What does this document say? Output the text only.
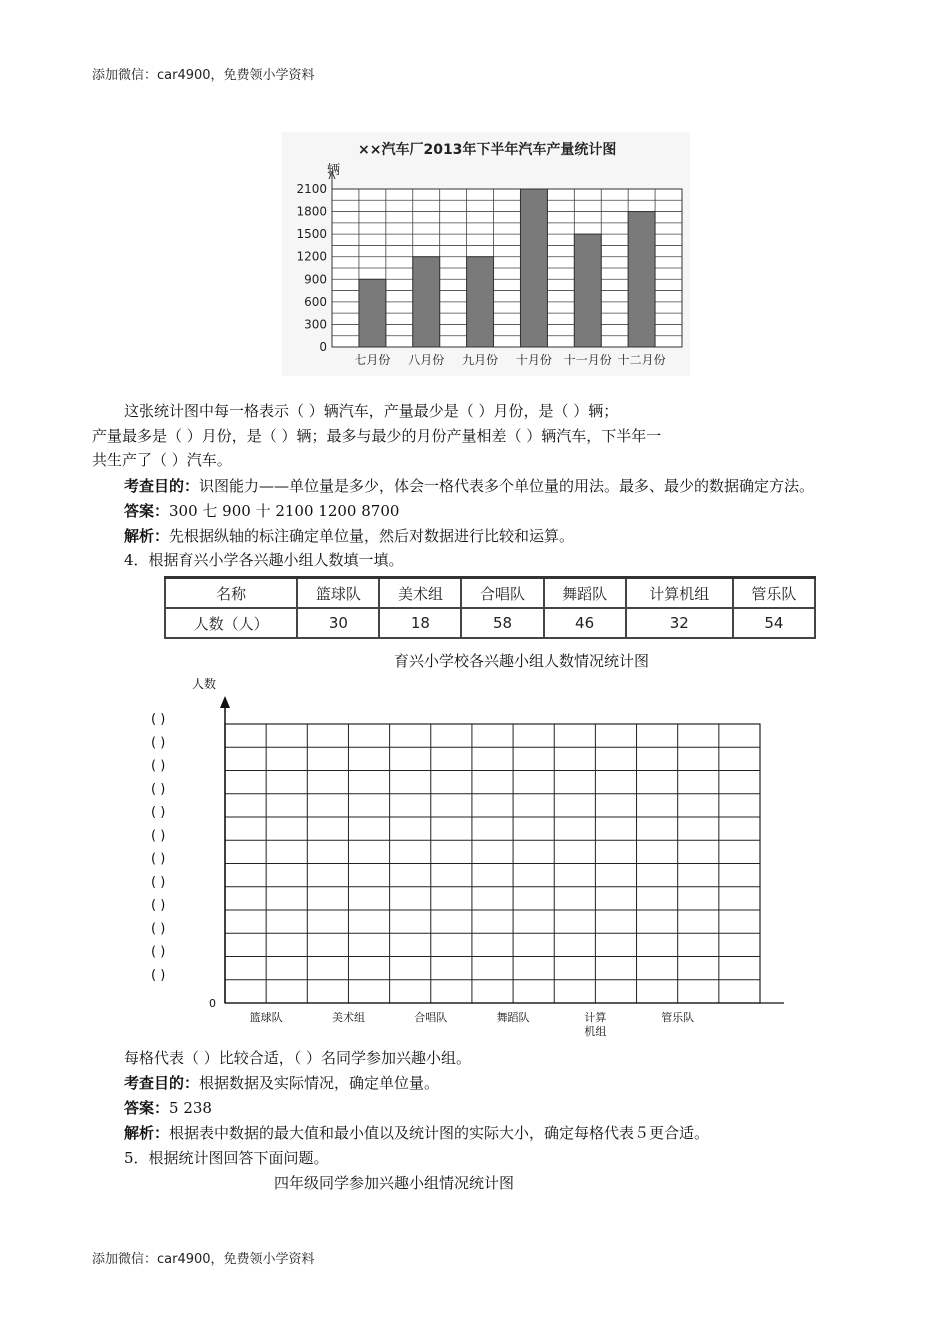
添加微信：car4900，免费领小学资料
××汽车厂2013年下半年汽车产量统计图
辆
0
300
600
900
1200
1500
1800
2100
七月份 八月份 九月份 十月份 十一月份 十二月份
这张统计图中每一格表示（ ）辆汽车，产量最少是（ ）月份，是（ ）辆；
产量最多是（ ）月份，是（ ）辆；最多与最少的月份产量相差（ ）辆汽车，下半年一
共生产了（ ）汽车。
考查目的：识图能力——单位量是多少，体会一格代表多个单位量的用法。最多、最少的数据确定方法。
答案：300 七 900 十 2100 1200 8700
解析：先根据纵轴的标注确定单位量，然后对数据进行比较和运算。
4．根据育兴小学各兴趣小组人数填一填。
名称	篮球队	美术组	合唱队	舞蹈队	计算机组	管乐队
人数（人）	30	18	58	46	32	54
育兴小学校各兴趣小组人数情况统计图
人数
0
( )
( )
( )
( )
( )
( )
( )
( )
( )
( )
( )
( )
篮球队	美术组	合唱队	舞蹈队	计算
机组
管乐队
每格代表（ ）比较合适，（ ）名同学参加兴趣小组。
考查目的：根据数据及实际情况，确定单位量。
答案：5 238
解析：根据表中数据的最大值和最小值以及统计图的实际大小，确定每格代表５更合适。
5．根据统计图回答下面问题。
四年级同学参加兴趣小组情况统计图
添加微信：car4900，免费领小学资料
